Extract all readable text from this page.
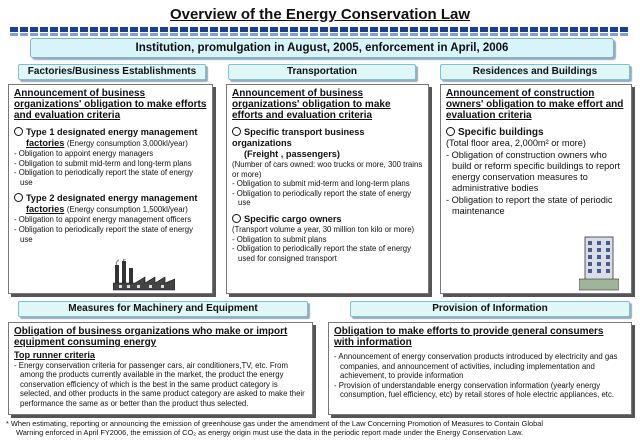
Overview of the Energy Conservation Law
Institution, promulgation in August, 2005, enforcement in April, 2006
Factories/Business Establishments	Transportation	Residences and Buildings
Announcement of business organizations' obligation to make efforts and evaluation criteria
Type 1 designated energy management
factories (Energy consumption 3,000kl/year)
- Obligation to appoint energy managers
- Obligation to submit mid-term and long-term plans
- Obligation to periodically report the state of energy use
Type 2 designated energy management
factories (Energy consumption 1,500kl/year)
- Obligation to appoint energy management officers
- Obligation to periodically report the state of energy use
Announcement of business organizations' obligation to make efforts and evaluation criteria
Specific transport business organizations
(Freight , passengers)
(Number of cars owned: woo trucks or more, 300 trains or more)
- Obligation to submit mid-term and long-term plans
- Obligation to periodically report the state of energy use
Specific cargo owners
(Transport volume a year, 30 million ton kilo or more)
- Obligation to submit plans
- Obligation to periodically report the state of energy used for consigned transport
Announcement of construction owners' obligation to make effort and evaluation criteria
Specific buildings
(Total floor area, 2,000m² or more)
- Obligation of construction owners who build or reform specific buildings to report energy conservation measures to administrative bodies
- Obligation to report the state of periodic maintenance
Measures for Machinery and Equipment	Provision of Information
Obligation of business organizations who make or import equipment consuming energy
Top runner criteria
- Energy conservation criteria for passenger cars, air conditioners,TV, etc. From among the products currently available in the market, the product the energy conservation efficiency of which is the best in the same product category is selected, and other products in the same product category are asked to make their performance the same as or better than the product thus selected.
Obligation to make efforts to provide general consumers with information
- Announcement of energy conservation products introduced by electricity and gas companies, and announcement of activities, including implementation and achievement, to provide information
- Provision of understandable energy conservation information (yearly energy consumption, fuel efficiency, etc) by retail stores of hole electric appliances, etc.
* When estimating, reporting or announcing the emission of greenhouse gas under the amendment of the Law Concerning Promotion of Measures to Contain Global
Warning enforced in April FY2006, the emission of CO₂ as energy origin must use the data in the periodic report made under the Energy Conservation Law.
